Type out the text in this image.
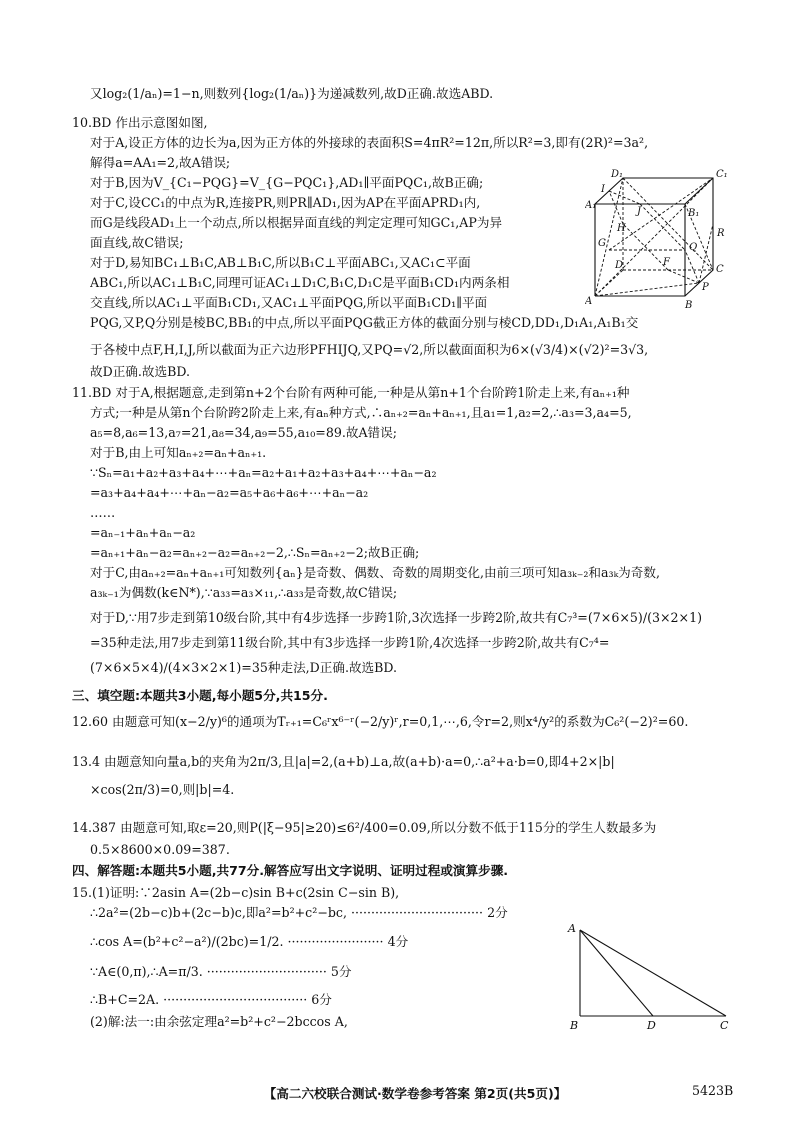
又log₂(1/aₙ)=1−n,则数列{log₂(1/aₙ)}为递减数列,故D正确.故选ABD.
10.BD 作出示意图如图,
对于A,设正方体的边长为a,因为正方体的外接球的表面积S=4πR²=12π,所以R²=3,即有(2R)²=3a²,
解得a=AA₁=2,故A错误;
对于B,因为V_{C₁−PQG}=V_{G−PQC₁},AD₁∥平面PQC₁,故B正确;
对于C,设CC₁的中点为R,连接PR,则PR∥AD₁,因为AP在平面APRD₁内,
而G是线段AD₁上一个动点,所以根据异面直线的判定定理可知GC₁,AP为异
面直线,故C错误;
对于D,易知BC₁⊥B₁C,AB⊥B₁C,所以B₁C⊥平面ABC₁,又AC₁⊂平面
ABC₁,所以AC₁⊥B₁C,同理可证AC₁⊥D₁C,B₁C,D₁C是平面B₁CD₁内两条相
交直线,所以AC₁⊥平面B₁CD₁,又AC₁⊥平面PQG,所以平面B₁CD₁∥平面
PQG,又P,Q分别是棱BC,BB₁的中点,所以平面PQG截正方体的截面分别与棱CD,DD₁,D₁A₁,A₁B₁交
于各棱中点F,H,I,J,所以截面为正六边形PFHIJQ,又PQ=√2,所以截面面积为6×(√3/4)×(√2)²=3√3,
故D正确.故选BD.
11.BD 对于A,根据题意,走到第n+2个台阶有两种可能,一种是从第n+1个台阶跨1阶走上来,有aₙ₊₁种
方式;一种是从第n个台阶跨2阶走上来,有aₙ种方式,∴aₙ₊₂=aₙ+aₙ₊₁,且a₁=1,a₂=2,∴a₃=3,a₄=5,
a₅=8,a₆=13,a₇=21,a₈=34,a₉=55,a₁₀=89.故A错误;
对于B,由上可知aₙ₊₂=aₙ+aₙ₊₁.
∵Sₙ=a₁+a₂+a₃+a₄+⋯+aₙ=a₂+a₁+a₂+a₃+a₄+⋯+aₙ−a₂
=a₃+a₄+a₄+⋯+aₙ−a₂=a₅+a₆+a₆+⋯+aₙ−a₂
……
=aₙ₋₁+aₙ+aₙ−a₂
=aₙ₊₁+aₙ−a₂=aₙ₊₂−a₂=aₙ₊₂−2,∴Sₙ=aₙ₊₂−2;故B正确;
对于C,由aₙ₊₂=aₙ+aₙ₊₁可知数列{aₙ}是奇数、偶数、奇数的周期变化,由前三项可知a₃ₖ₋₂和a₃ₖ为奇数,
a₃ₖ₋₁为偶数(k∈N*),∵a₃₃=a₃×₁₁,∴a₃₃是奇数,故C错误;
对于D,∵用7步走到第10级台阶,其中有4步选择一步跨1阶,3次选择一步跨2阶,故共有C₇³=(7×6×5)/(3×2×1)
=35种走法,用7步走到第11级台阶,其中有3步选择一步跨1阶,4次选择一步跨2阶,故共有C₇⁴=
(7×6×5×4)/(4×3×2×1)=35种走法,D正确.故选BD.
三、填空题:本题共3小题,每小题5分,共15分.
12.60 由题意可知(x−2/y)⁶的通项为Tᵣ₊₁=C₆ʳx⁶⁻ʳ(−2/y)ʳ,r=0,1,⋯,6,令r=2,则x⁴/y²的系数为C₆²(−2)²=60.
13.4 由题意知向量a,b的夹角为2π/3,且|a|=2,(a+b)⊥a,故(a+b)·a=0,∴a²+a·b=0,即4+2×|b|
×cos(2π/3)=0,则|b|=4.
14.387 由题意可知,取ε=20,则P(|ξ−95|≥20)≤6²/400=0.09,所以分数不低于115分的学生人数最多为
0.5×8600×0.09=387.
四、解答题:本题共5小题,共77分.解答应写出文字说明、证明过程或演算步骤.
15.(1)证明:∵2asin A=(2b−c)sin B+c(2sin C−sin B),
∴2a²=(2b−c)b+(2c−b)c,即a²=b²+c²−bc, ································· 2分
∴cos A=(b²+c²−a²)/(2bc)=1/2. ························ 4分
∵A∈(0,π),∴A=π/3. ······························ 5分
∴B+C=2A. ···································· 6分
(2)解:法一:由余弦定理a²=b²+c²−2bccos A,
D₁	C₁
I
A₁
B₁
J
H
G
R
Q
D	F
C
A
P
B
A
B	D	C
【高二六校联合测试·数学卷参考答案 第2页(共5页)】	5423B
